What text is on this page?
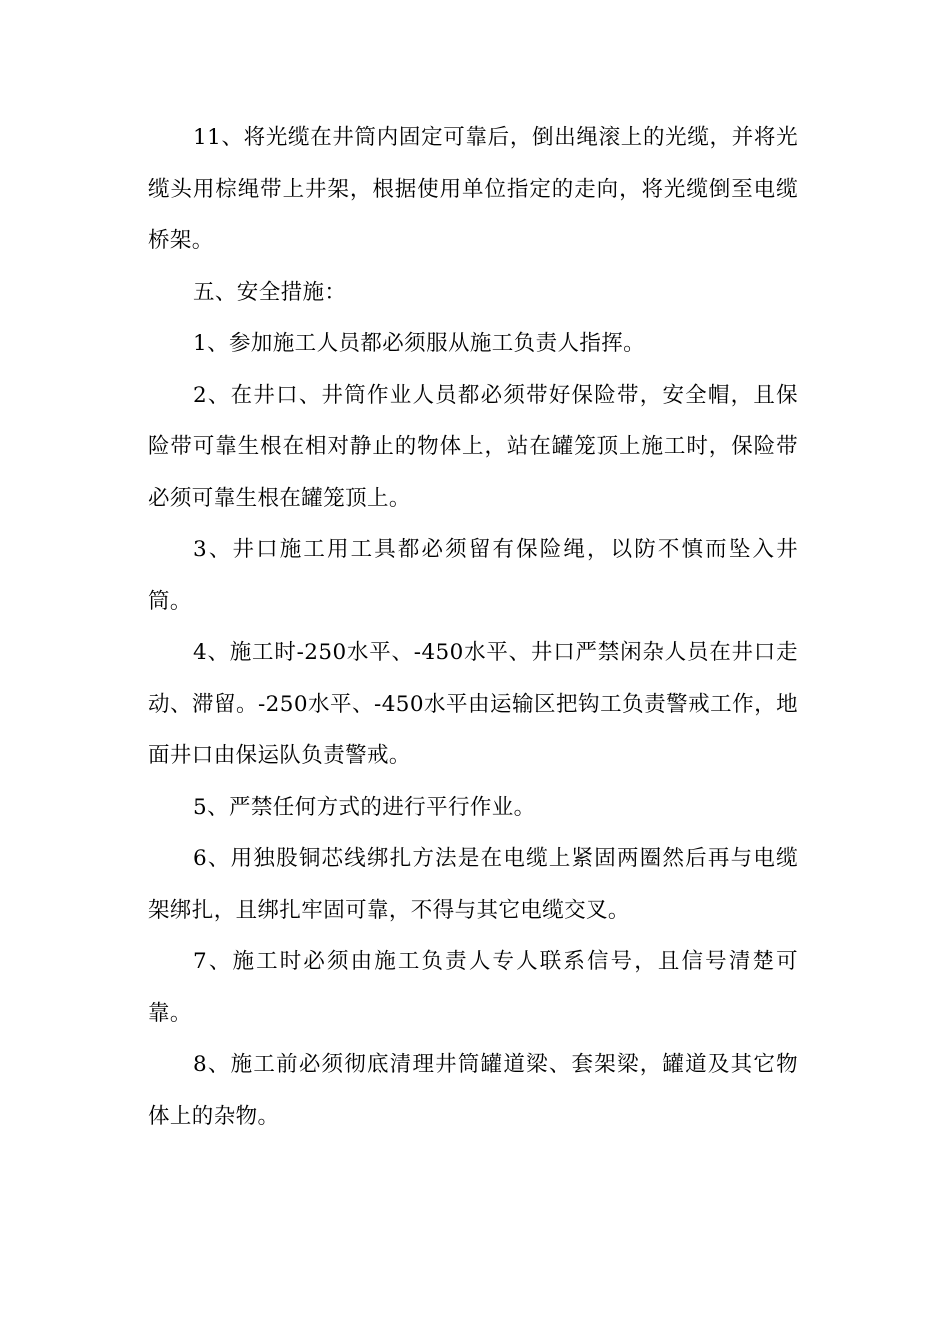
11、将光缆在井筒内固定可靠后，倒出绳滚上的光缆，并将光缆头用棕绳带上井架，根据使用单位指定的走向，将光缆倒至电缆桥架。

五、安全措施：

1、参加施工人员都必须服从施工负责人指挥。

2、在井口、井筒作业人员都必须带好保险带，安全帽，且保险带可靠生根在相对静止的物体上，站在罐笼顶上施工时，保险带必须可靠生根在罐笼顶上。

3、井口施工用工具都必须留有保险绳，以防不慎而坠入井筒。

4、施工时-250水平、-450水平、井口严禁闲杂人员在井口走动、滞留。-250水平、-450水平由运输区把钩工负责警戒工作，地面井口由保运队负责警戒。

5、严禁任何方式的进行平行作业。

6、用独股铜芯线绑扎方法是在电缆上紧固两圈然后再与电缆架绑扎，且绑扎牢固可靠，不得与其它电缆交叉。

7、施工时必须由施工负责人专人联系信号，且信号清楚可靠。

8、施工前必须彻底清理井筒罐道梁、套架梁，罐道及其它物体上的杂物。
